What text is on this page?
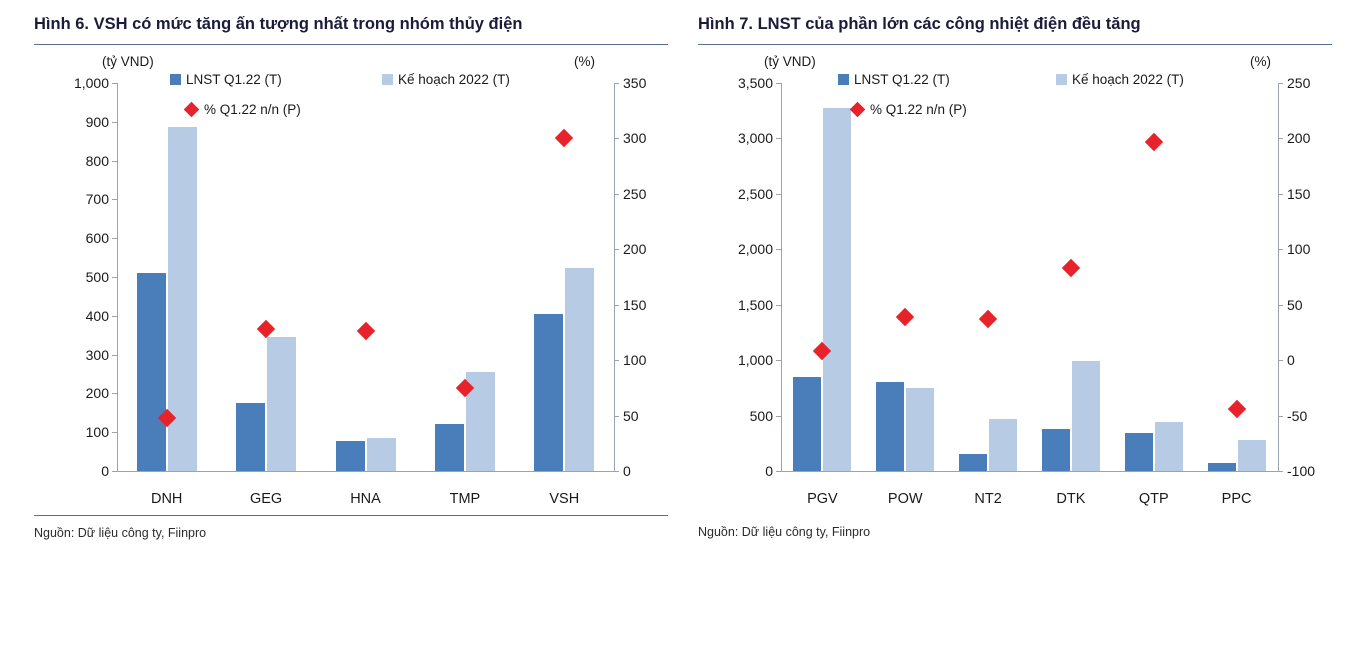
Hình 6. VSH có mức tăng ấn tượng nhất trong nhóm thủy điện
(tỷ VND)	(%)
0
100
200
300
400
500
600
700
800
900
1,000
0
50
100
150
200
250
300
350
DNH	GEG	HNA	TMP	VSH
LNST Q1.22 (T)	Kế hoạch 2022 (T)
% Q1.22 n/n (P)
Nguồn: Dữ liệu công ty, Fiinpro
Hình 7. LNST của phần lớn các công nhiệt điện đều tăng
(tỷ VND)	(%)
0
500
1,000
1,500
2,000
2,500
3,000
3,500
-100
-50
0
50
100
150
200
250
PGV	POW	NT2	DTK	QTP	PPC
LNST Q1.22 (T)	Kế hoạch 2022 (T)
% Q1.22 n/n (P)
Nguồn: Dữ liệu công ty, Fiinpro
